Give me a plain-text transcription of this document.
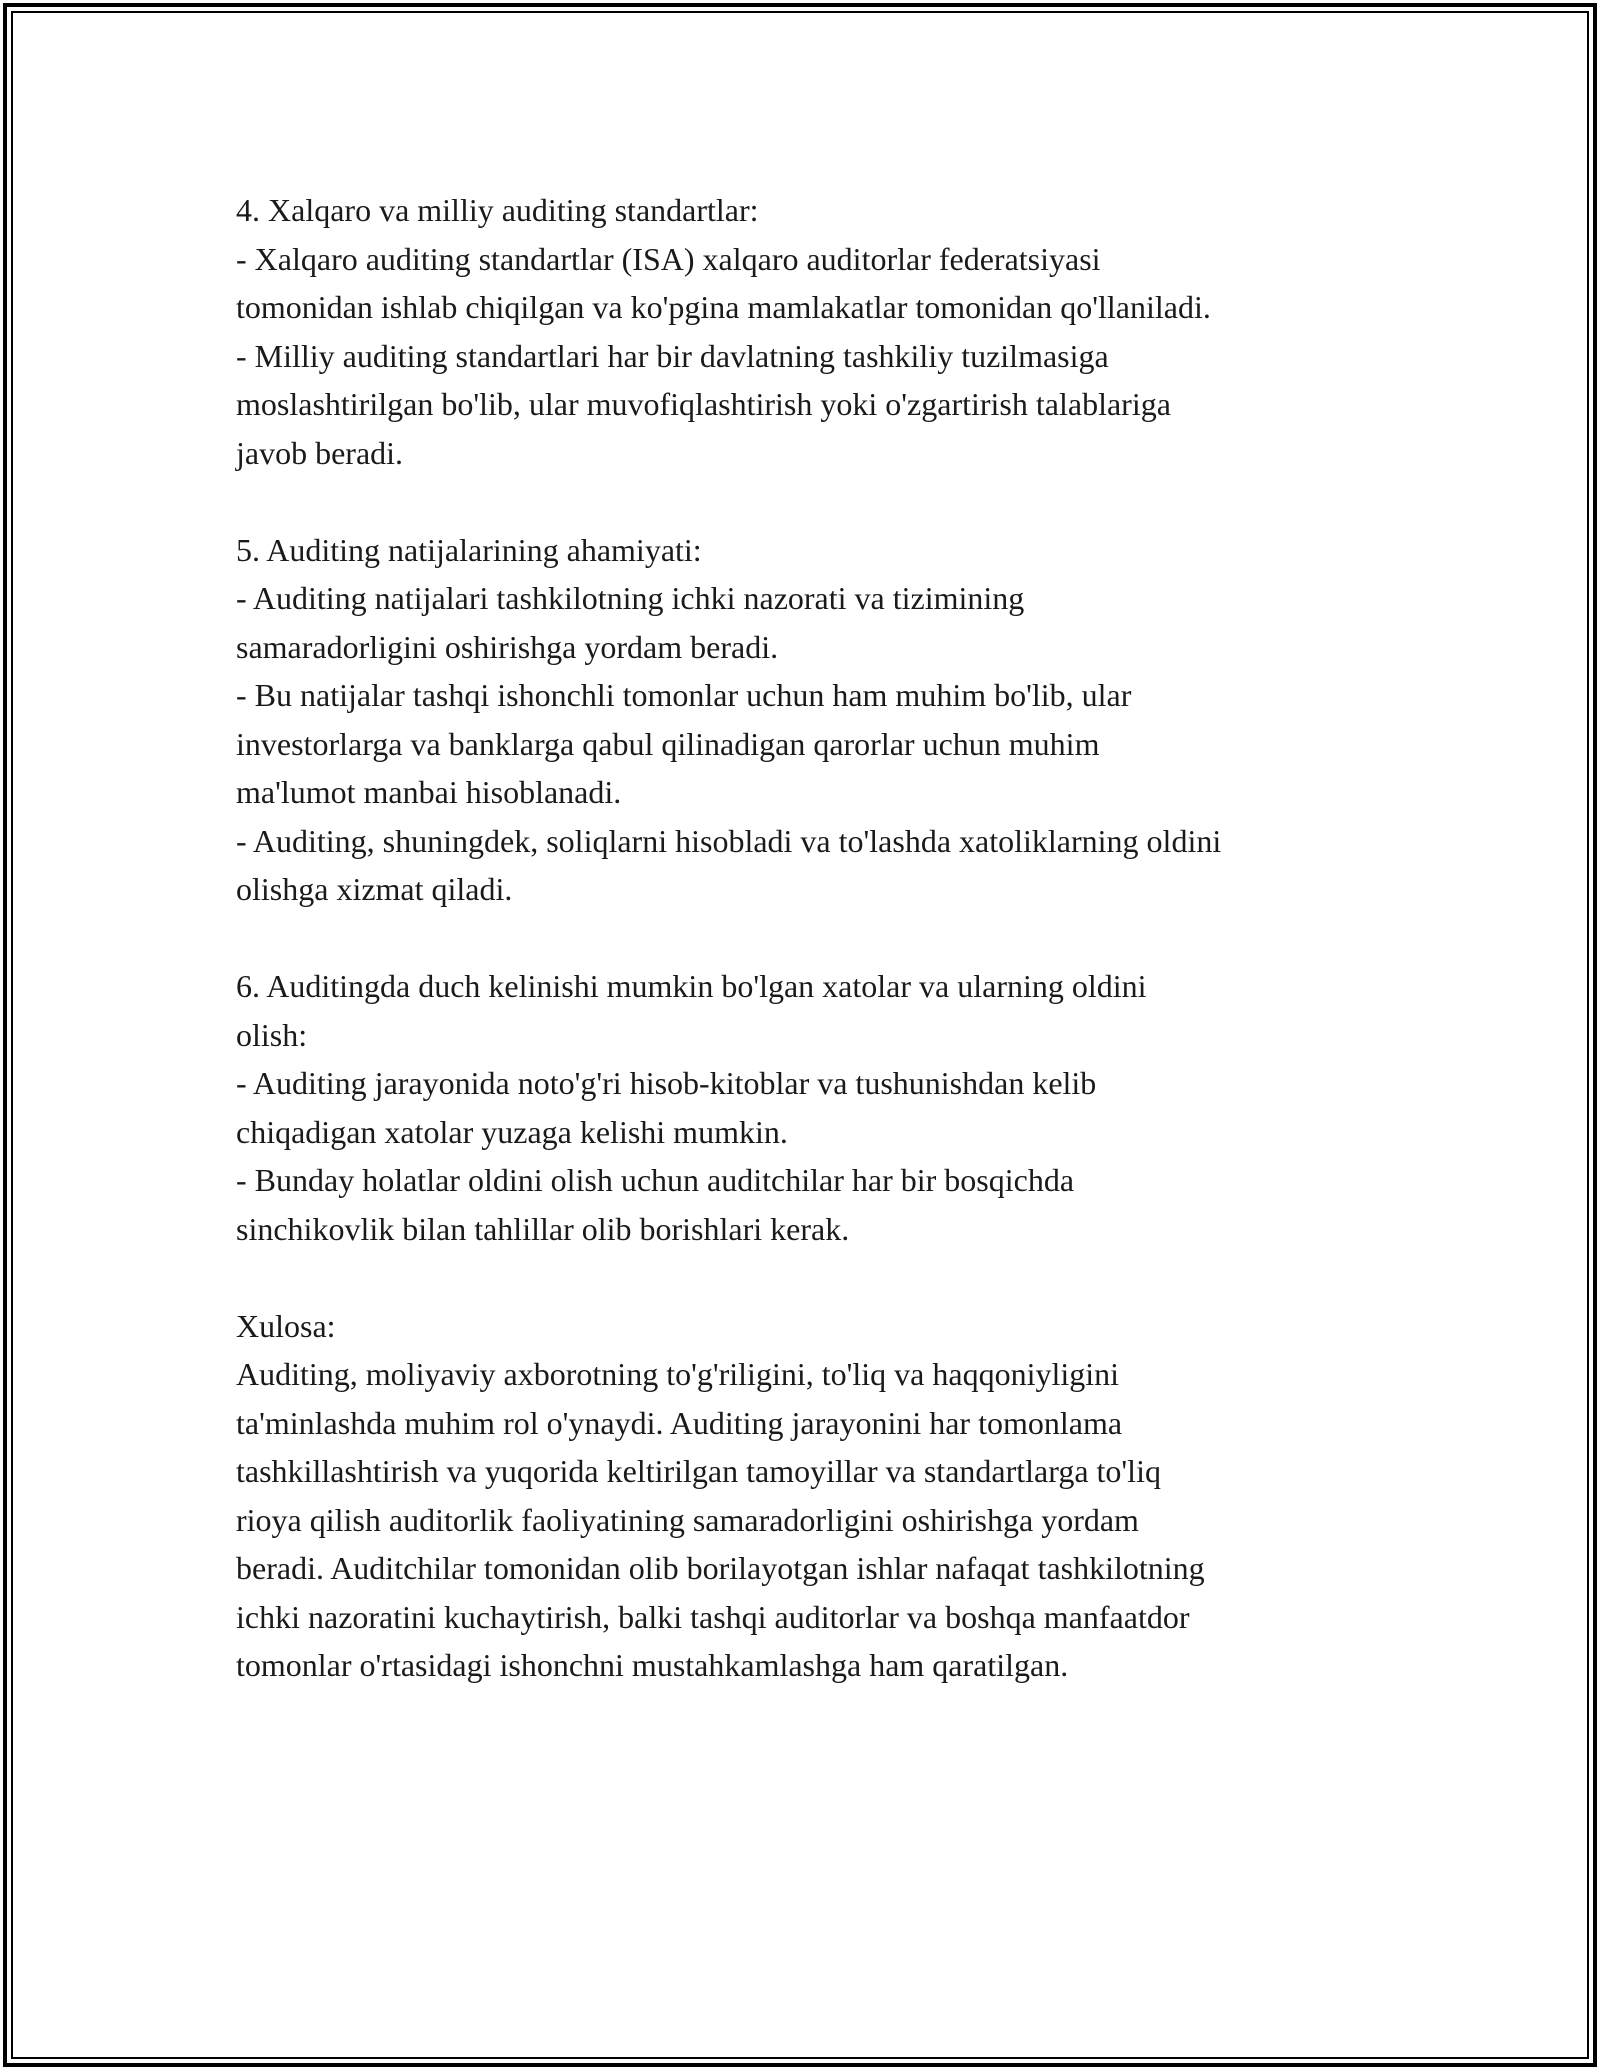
4. Xalqaro va milliy auditing standartlar:
- Xalqaro auditing standartlar (ISA) xalqaro auditorlar federatsiyasi
tomonidan ishlab chiqilgan va ko'pgina mamlakatlar tomonidan qo'llaniladi.
- Milliy auditing standartlari har bir davlatning tashkiliy tuzilmasiga
moslashtirilgan bo'lib, ular muvofiqlashtirish yoki o'zgartirish talablariga
javob beradi.
5. Auditing natijalarining ahamiyati:
- Auditing natijalari tashkilotning ichki nazorati va tizimining
samaradorligini oshirishga yordam beradi.
- Bu natijalar tashqi ishonchli tomonlar uchun ham muhim bo'lib, ular
investorlarga va banklarga qabul qilinadigan qarorlar uchun muhim
ma'lumot manbai hisoblanadi.
- Auditing, shuningdek, soliqlarni hisobladi va to'lashda xatoliklarning oldini
olishga xizmat qiladi.
6. Auditingda duch kelinishi mumkin bo'lgan xatolar va ularning oldini
olish:
- Auditing jarayonida noto'g'ri hisob-kitoblar va tushunishdan kelib
chiqadigan xatolar yuzaga kelishi mumkin.
- Bunday holatlar oldini olish uchun auditchilar har bir bosqichda
sinchikovlik bilan tahlillar olib borishlari kerak.
Xulosa:
Auditing, moliyaviy axborotning to'g'riligini, to'liq va haqqoniyligini
ta'minlashda muhim rol o'ynaydi. Auditing jarayonini har tomonlama
tashkillashtirish va yuqorida keltirilgan tamoyillar va standartlarga to'liq
rioya qilish auditorlik faoliyatining samaradorligini oshirishga yordam
beradi. Auditchilar tomonidan olib borilayotgan ishlar nafaqat tashkilotning
ichki nazoratini kuchaytirish, balki tashqi auditorlar va boshqa manfaatdor
tomonlar o'rtasidagi ishonchni mustahkamlashga ham qaratilgan.
